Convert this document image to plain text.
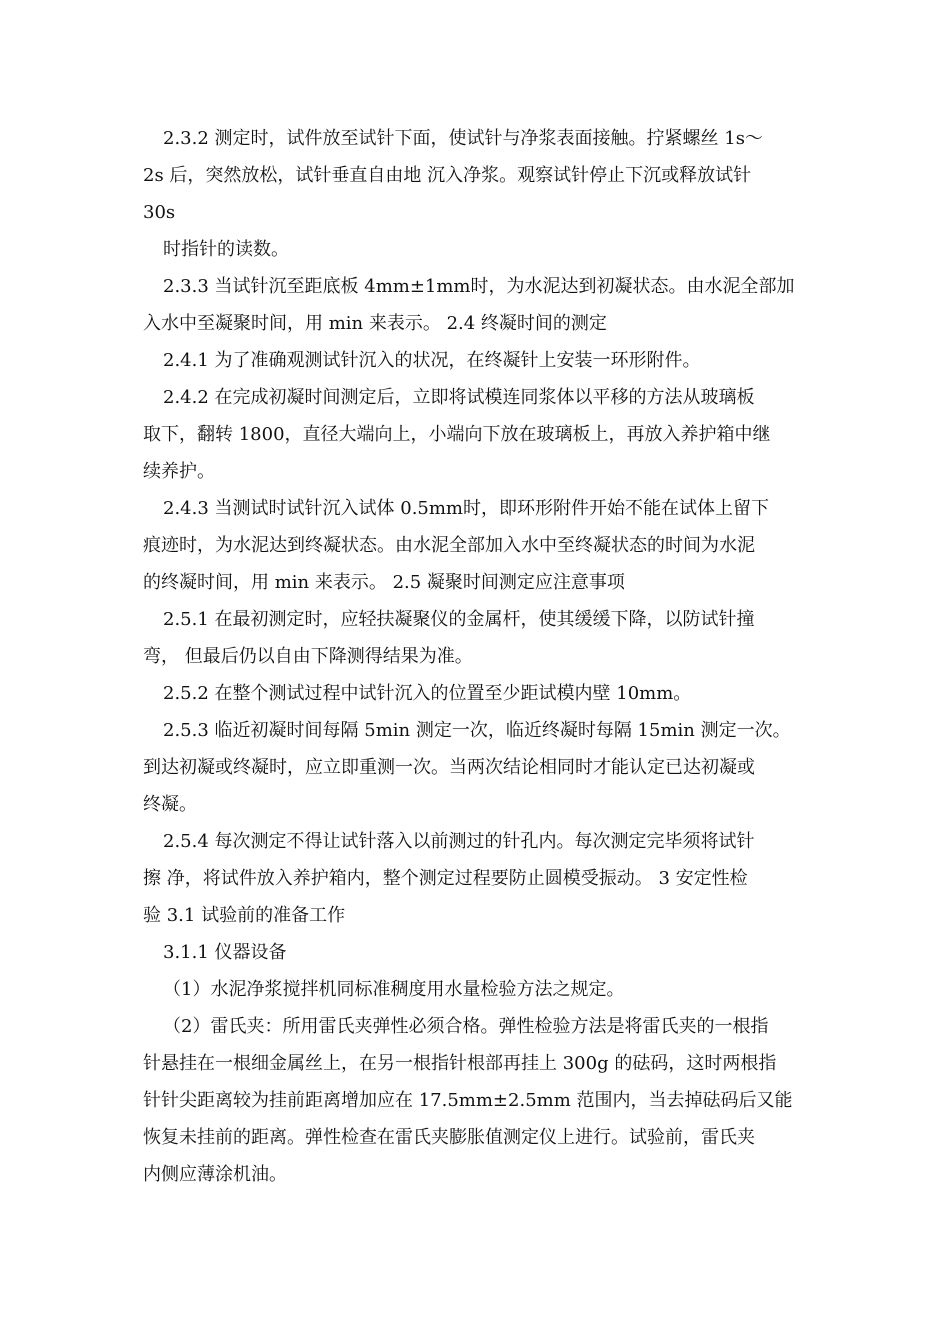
2.3.2 测定时，试件放至试针下面，使试针与净浆表面接触。拧紧螺丝 1s～
2s 后，突然放松，试针垂直自由地 沉入净浆。观察试针停止下沉或释放试针
30s
时指针的读数。
2.3.3 当试针沉至距底板 4mm±1mm时，为水泥达到初凝状态。由水泥全部加
入水中至凝聚时间，用 min 来表示。 2.4 终凝时间的测定
2.4.1 为了准确观测试针沉入的状况，在终凝针上安装一环形附件。
2.4.2 在完成初凝时间测定后，立即将试模连同浆体以平移的方法从玻璃板
取下，翻转 1800，直径大端向上，小端向下放在玻璃板上，再放入养护箱中继
续养护。
2.4.3 当测试时试针沉入试体 0.5mm时，即环形附件开始不能在试体上留下
痕迹时，为水泥达到终凝状态。由水泥全部加入水中至终凝状态的时间为水泥
的终凝时间，用 min 来表示。 2.5 凝聚时间测定应注意事项
2.5.1 在最初测定时，应轻扶凝聚仪的金属杆，使其缓缓下降，以防试针撞
弯， 但最后仍以自由下降测得结果为准。
2.5.2 在整个测试过程中试针沉入的位置至少距试模内壁 10mm。
2.5.3 临近初凝时间每隔 5min 测定一次，临近终凝时每隔 15min 测定一次。
到达初凝或终凝时，应立即重测一次。当两次结论相同时才能认定已达初凝或
终凝。
2.5.4 每次测定不得让试针落入以前测过的针孔内。每次测定完毕须将试针
擦 净，将试件放入养护箱内，整个测定过程要防止圆模受振动。 3 安定性检
验 3.1 试验前的准备工作
3.1.1 仪器设备
（1）水泥净浆搅拌机同标准稠度用水量检验方法之规定。
（2）雷氏夹：所用雷氏夹弹性必须合格。弹性检验方法是将雷氏夹的一根指
针悬挂在一根细金属丝上，在另一根指针根部再挂上 300g 的砝码，这时两根指
针针尖距离较为挂前距离增加应在 17.5mm±2.5mm 范围内，当去掉砝码后又能
恢复未挂前的距离。弹性检查在雷氏夹膨胀值测定仪上进行。试验前，雷氏夹
内侧应薄涂机油。
